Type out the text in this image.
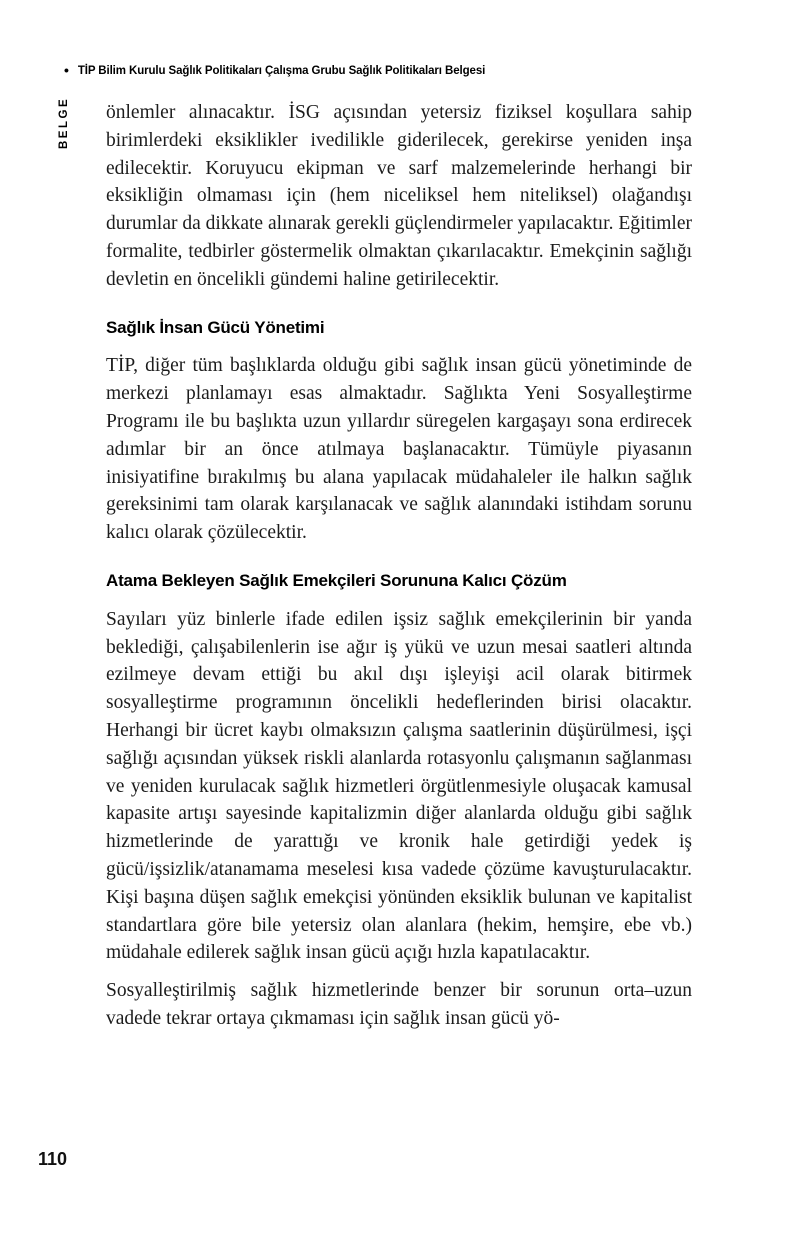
• TİP Bilim Kurulu Sağlık Politikaları Çalışma Grubu Sağlık Politikaları Belgesi
BELGE önlemler alınacaktır. İSG açısından yetersiz fiziksel koşullara sahip birimlerdeki eksiklikler ivedilikle giderilecek, gerekirse yeniden inşa edilecektir. Koruyucu ekipman ve sarf malzemelerinde herhangi bir eksikliğin olmaması için (hem niceliksel hem niteliksel) olağandışı durumlar da dikkate alınarak gerekli güçlendirmeler yapılacaktır. Eğitimler formalite, tedbirler göstermelik olmaktan çıkarılacaktır. Emekçinin sağlığı devletin en öncelikli gündemi haline getirilecektir.

Sağlık İnsan Gücü Yönetimi

TİP, diğer tüm başlıklarda olduğu gibi sağlık insan gücü yönetiminde de merkezi planlamayı esas almaktadır. Sağlıkta Yeni Sosyalleştirme Programı ile bu başlıkta uzun yıllardır süregelen kargaşayı sona erdirecek adımlar bir an önce atılmaya başlanacaktır. Tümüyle piyasanın inisiyatifine bırakılmış bu alana yapılacak müdahaleler ile halkın sağlık gereksinimi tam olarak karşılanacak ve sağlık alanındaki istihdam sorunu kalıcı olarak çözülecektir.

Atama Bekleyen Sağlık Emekçileri Sorununa Kalıcı Çözüm

Sayıları yüz binlerle ifade edilen işsiz sağlık emekçilerinin bir yanda beklediği, çalışabilenlerin ise ağır iş yükü ve uzun mesai saatleri altında ezilmeye devam ettiği bu akıl dışı işleyişi acil olarak bitirmek sosyalleştirme programının öncelikli hedeflerinden birisi olacaktır. Herhangi bir ücret kaybı olmaksızın çalışma saatlerinin düşürülmesi, işçi sağlığı açısından yüksek riskli alanlarda rotasyonlu çalışmanın sağlanması ve yeniden kurulacak sağlık hizmetleri örgütlenmesiyle oluşacak kamusal kapasite artışı sayesinde kapitalizmin diğer alanlarda olduğu gibi sağlık hizmetlerinde de yarattığı ve kronik hale getirdiği yedek iş gücü/işsizlik/atanamama meselesi kısa vadede çözüme kavuşturulacaktır. Kişi başına düşen sağlık emekçisi yönünden eksiklik bulunan ve kapitalist standartlara göre bile yetersiz olan alanlara (hekim, hemşire, ebe vb.) müdahale edilerek sağlık insan gücü açığı hızla kapatılacaktır.

Sosyalleştirilmiş sağlık hizmetlerinde benzer bir sorunun orta–uzun vadede tekrar ortaya çıkmaması için sağlık insan gücü yö-

110
